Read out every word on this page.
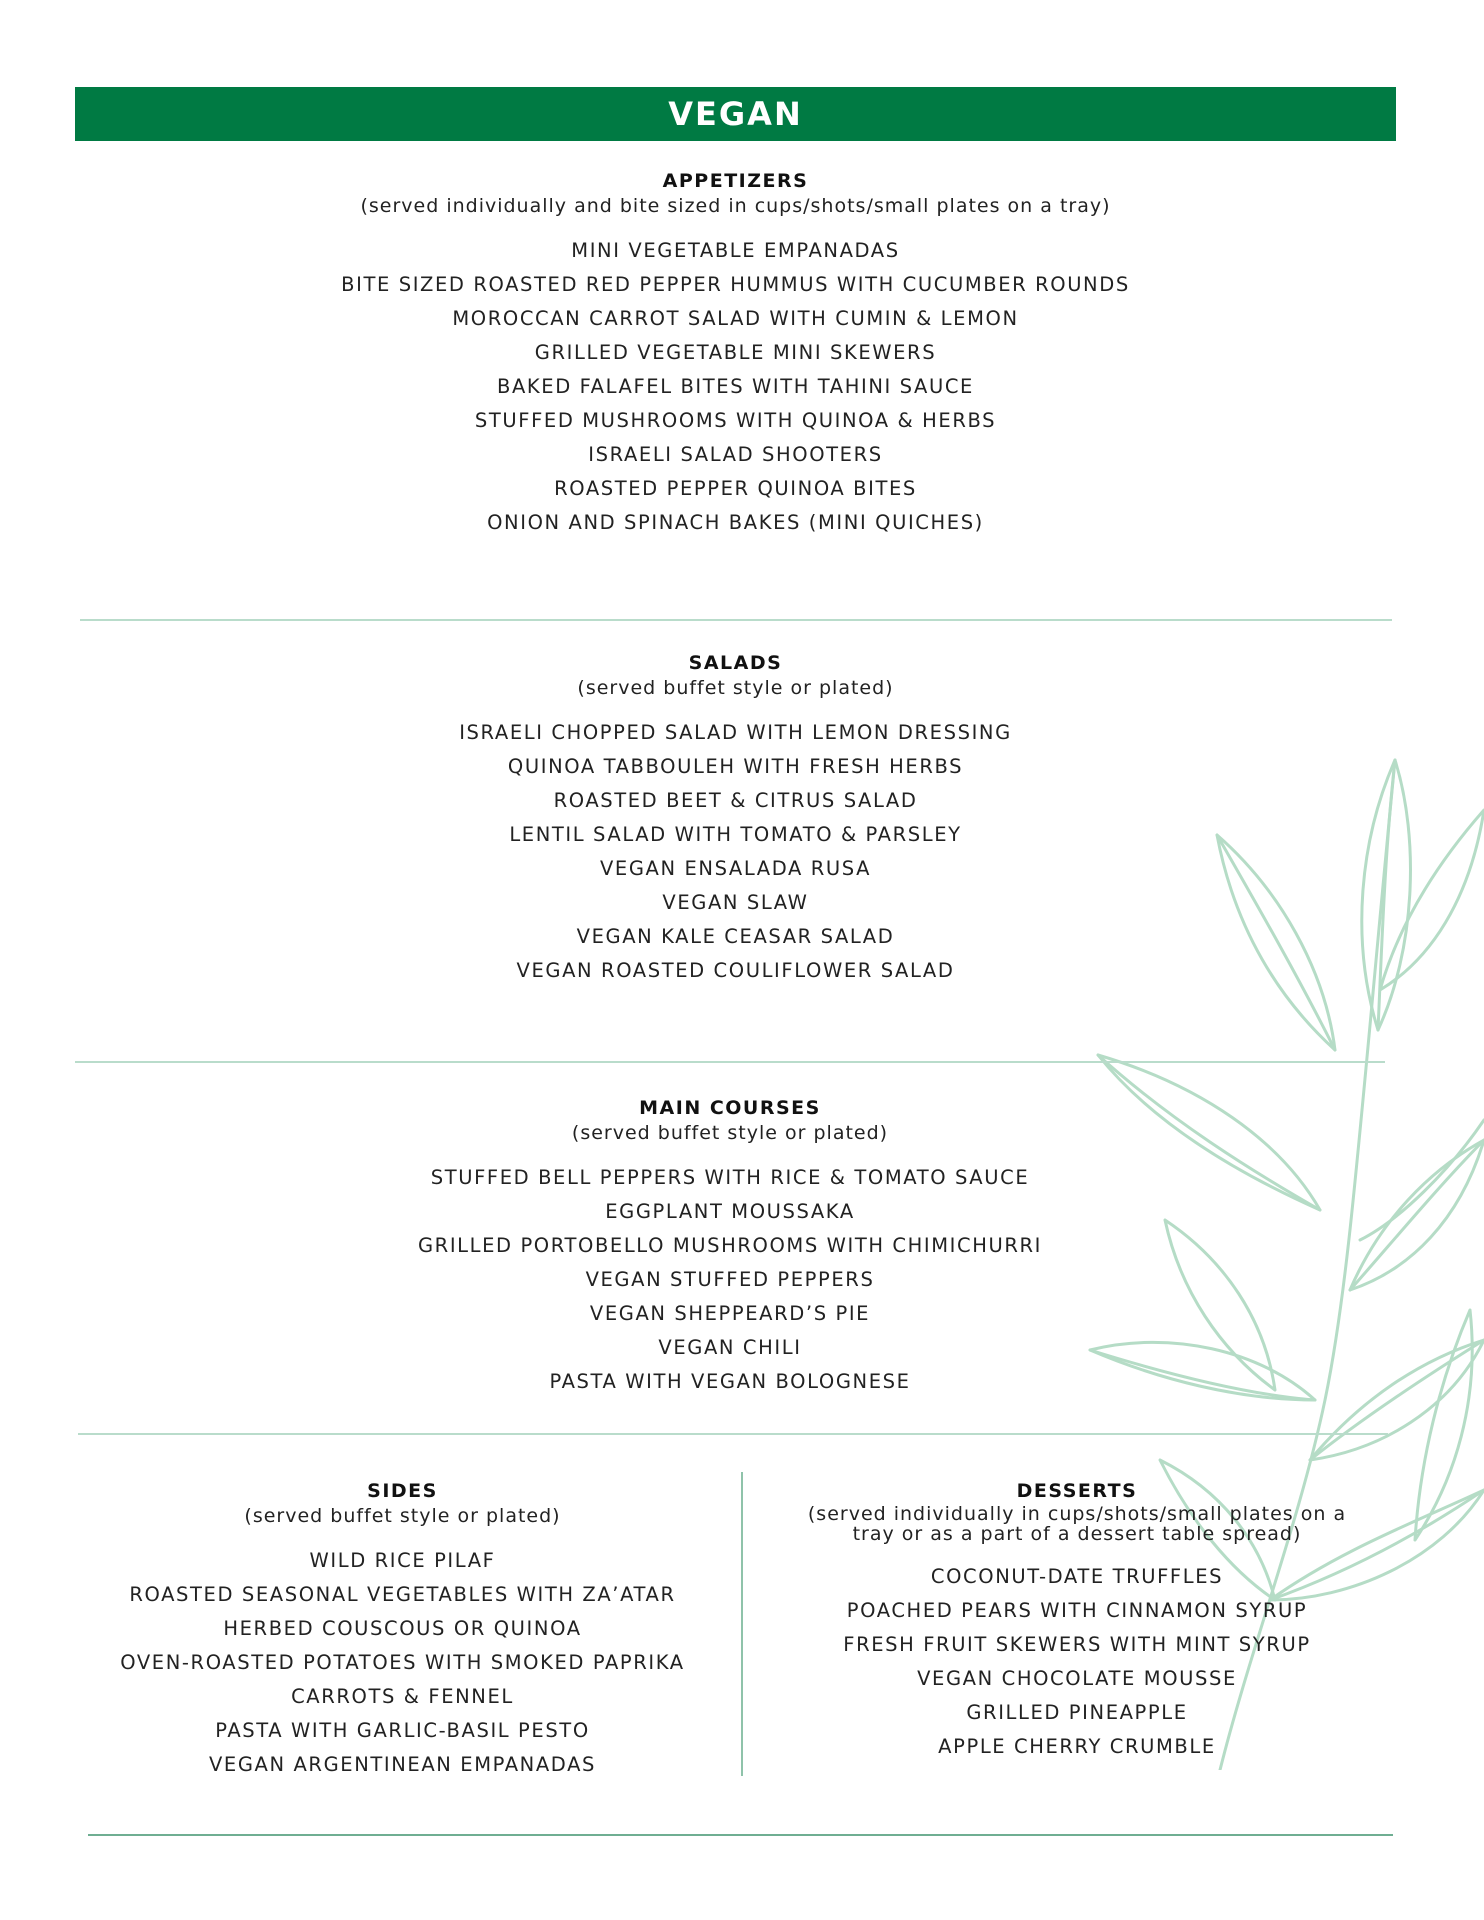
VEGAN
APPETIZERS
(served individually and bite sized in cups/shots/small plates on a tray)
MINI VEGETABLE EMPANADAS
BITE SIZED ROASTED RED PEPPER HUMMUS WITH CUCUMBER ROUNDS
MOROCCAN CARROT SALAD WITH CUMIN & LEMON
GRILLED VEGETABLE MINI SKEWERS
BAKED FALAFEL BITES WITH TAHINI SAUCE
STUFFED MUSHROOMS WITH QUINOA & HERBS
ISRAELI SALAD SHOOTERS
ROASTED PEPPER QUINOA BITES
ONION AND SPINACH BAKES (MINI QUICHES)
SALADS
(served buffet style or plated)
ISRAELI CHOPPED SALAD WITH LEMON DRESSING
QUINOA TABBOULEH WITH FRESH HERBS
ROASTED BEET & CITRUS SALAD
LENTIL SALAD WITH TOMATO & PARSLEY
VEGAN ENSALADA RUSA
VEGAN SLAW
VEGAN KALE CEASAR SALAD
VEGAN ROASTED COULIFLOWER SALAD
MAIN COURSES
(served buffet style or plated)
STUFFED BELL PEPPERS WITH RICE & TOMATO SAUCE
EGGPLANT MOUSSAKA
GRILLED PORTOBELLO MUSHROOMS WITH CHIMICHURRI
VEGAN STUFFED PEPPERS
VEGAN SHEPPEARD’S PIE
VEGAN CHILI
PASTA WITH VEGAN BOLOGNESE
SIDES
(served buffet style or plated)
WILD RICE PILAF
ROASTED SEASONAL VEGETABLES WITH ZA’ATAR
HERBED COUSCOUS OR QUINOA
OVEN-ROASTED POTATOES WITH SMOKED PAPRIKA
CARROTS & FENNEL
PASTA WITH GARLIC-BASIL PESTO
VEGAN ARGENTINEAN EMPANADAS
DESSERTS
(served individually in cups/shots/small plates on a
tray or as a part of a dessert table spread)
COCONUT-DATE TRUFFLES
POACHED PEARS WITH CINNAMON SYRUP
FRESH FRUIT SKEWERS WITH MINT SYRUP
VEGAN CHOCOLATE MOUSSE
GRILLED PINEAPPLE
APPLE CHERRY CRUMBLE
